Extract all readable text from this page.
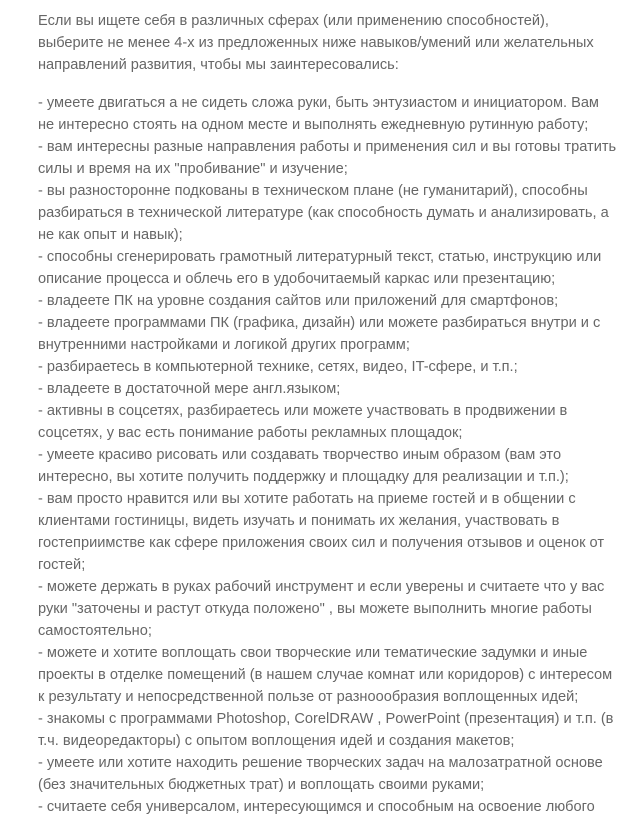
Если вы ищете себя в различных сферах (или применению способностей),
выберите не менее 4-х из предложенных ниже навыков/умений или желательных
направлений развития, чтобы мы заинтересовались:
- умеете двигаться а не сидеть сложа руки, быть энтузиастом и инициатором. Вам
не интересно стоять на одном месте и выполнять ежедневную рутинную работу;
- вам интересны разные направления работы и применения сил и вы готовы тратить
силы и время на их "пробивание" и изучение;
- вы разносторонне подкованы в техническом плане (не гуманитарий), способны
разбираться в технической литературе (как способность думать и анализировать, а
не как опыт и навык);
- способны сгенерировать грамотный литературный текст, статью, инструкцию или
описание процесса и облечь его в удобочитаемый каркас или презентацию;
- владеете ПК на уровне создания сайтов или приложений для смартфонов;
- владеете программами ПК (графика, дизайн) или можете разбираться внутри и с
внутренними настройками и логикой других программ;
- разбираетесь в компьютерной технике, сетях, видео, IT-сфере, и т.п.;
- владеете в достаточной мере англ.языком;
- активны в соцсетях, разбираетесь или можете участвовать в продвижении в
соцсетях, у вас есть понимание работы рекламных площадок;
- умеете красиво рисовать или создавать творчество иным образом (вам это
интересно, вы хотите получить поддержку и площадку для реализации и т.п.);
- вам просто нравится или вы хотите работать на приеме гостей и в общении с
клиентами гостиницы, видеть изучать и понимать их желания, участвовать в
гостеприимстве как сфере приложения своих сил и получения отзывов и оценок от
гостей;
- можете держать в руках рабочий инструмент и если уверены и считаете что у вас
руки "заточены и растут откуда положено" , вы можете выполнить многие работы
самостоятельно;
- можете и хотите воплощать свои творческие или тематические задумки и иные
проекты в отделке помещений (в нашем случае комнат или коридоров) с интересом
к результату и непосредственной пользе от разноообразия воплощенных идей;
- знакомы с программами Photoshop, CorelDRAW , PowerPoint (презентация) и т.п. (в
т.ч. видеоредакторы) с опытом воплощения идей и создания макетов;
- умеете или хотите находить решение творческих задач на малозатратной основе
(без значительных бюджетных трат) и воплощать своими руками;
- считаете себя универсалом, интересующимся и способным на освоение любого
